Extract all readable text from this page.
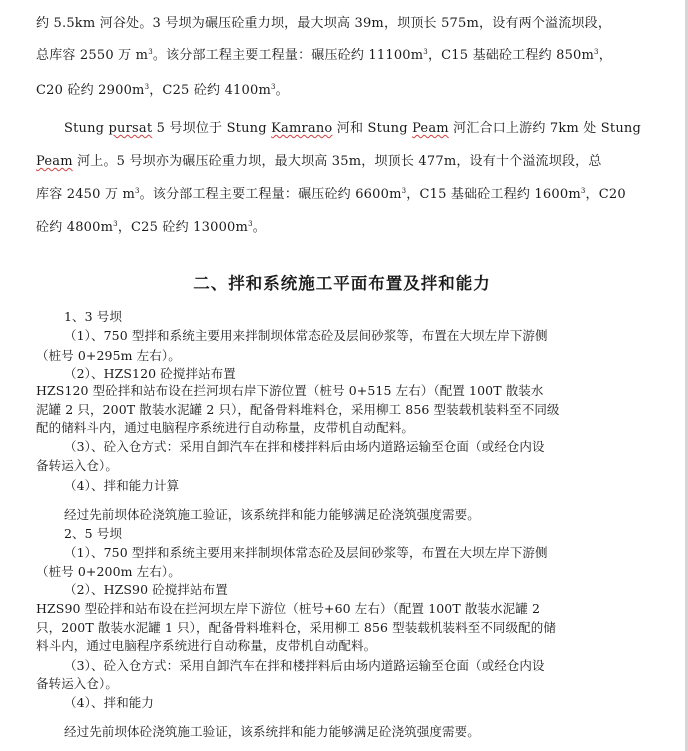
约 5.5km 河谷处。3 号坝为碾压砼重力坝，最大坝高 39m，坝顶长 575m，设有两个溢流坝段，
总库容 2550 万 $m^3$。该分部工程主要工程量：碾压砼约 $11100m^3$，C15 基础砼工程约 $850m^3$，
C20 砼约 $2900m^3$，C25 砼约 $4100m^3$。
Stung pursat 5 号坝位于 Stung Kamrano 河和 Stung Peam 河汇合口上游约 7km 处 Stung
Peam 河上。5 号坝亦为碾压砼重力坝，最大坝高 35m，坝顶长 477m，设有十个溢流坝段，总
库容 2450 万 $m^3$。该分部工程主要工程量：碾压砼约 $6600m^3$，C15 基础砼工程约 $1600m^3$，C20
砼约 $4800m^3$，C25 砼约 $13000m^3$。
二、拌和系统施工平面布置及拌和能力
1、3 号坝
（1）、750 型拌和系统主要用来拌制坝体常态砼及层间砂浆等，布置在大坝左岸下游侧
（桩号 0+295m 左右）。
（2）、HZS120 砼搅拌站布置
HZS120 型砼拌和站布设在拦河坝右岸下游位置（桩号 0+515 左右）（配置 100T 散装水
泥罐 2 只，200T 散装水泥罐 2 只），配备骨料堆料仓，采用柳工 856 型装载机装料至不同级
配的储料斗内，通过电脑程序系统进行自动称量，皮带机自动配料。
（3）、砼入仓方式：采用自卸汽车在拌和楼拌料后由场内道路运输至仓面（或经仓内设
备转运入仓）。
（4）、拌和能力计算
经过先前坝体砼浇筑施工验证，该系统拌和能力能够满足砼浇筑强度需要。
2、5 号坝
（1）、750 型拌和系统主要用来拌制坝体常态砼及层间砂浆等，布置在大坝左岸下游侧
（桩号 0+200m 左右）。
（2）、HZS90 砼搅拌站布置
HZS90 型砼拌和站布设在拦河坝左岸下游位（桩号+60 左右）（配置 100T 散装水泥罐 2
只，200T 散装水泥罐 1 只），配备骨料堆料仓，采用柳工 856 型装载机装料至不同级配的储
料斗内，通过电脑程序系统进行自动称量，皮带机自动配料。
（3）、砼入仓方式：采用自卸汽车在拌和楼拌料后由场内道路运输至仓面（或经仓内设
备转运入仓）。
（4）、拌和能力
经过先前坝体砼浇筑施工验证，该系统拌和能力能够满足砼浇筑强度需要。
